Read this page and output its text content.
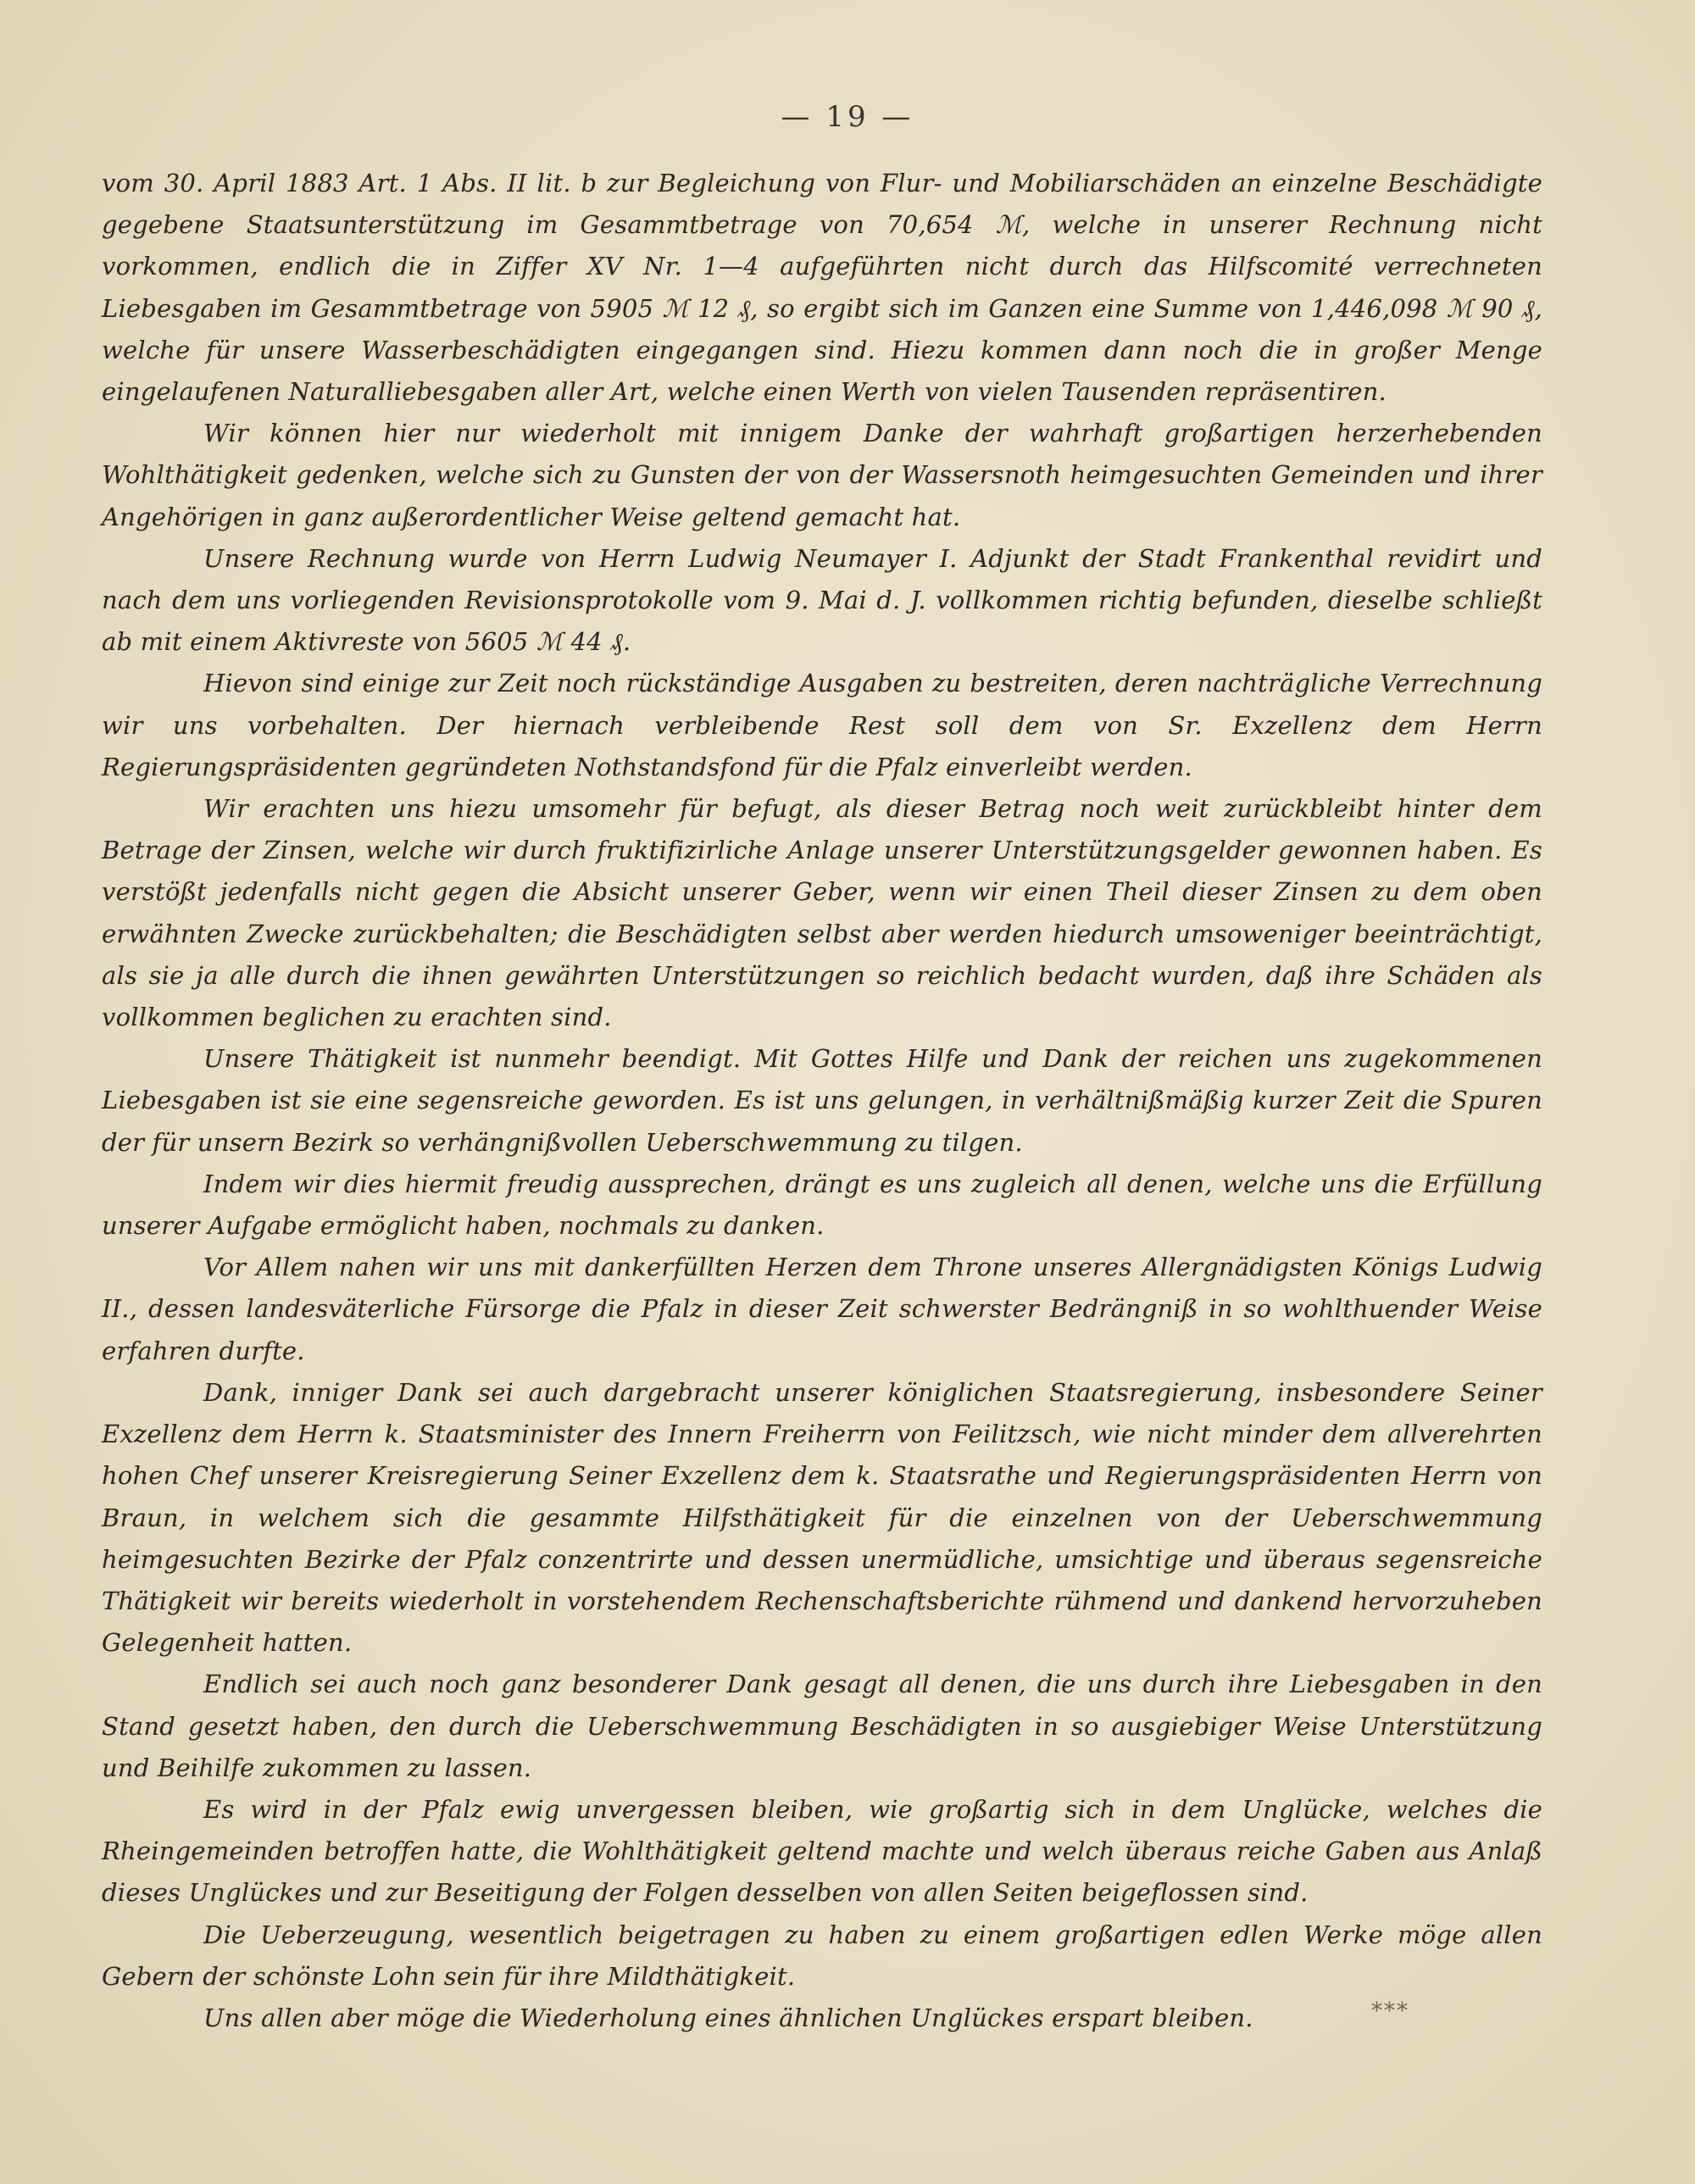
— 19 —

vom 30. April 1883 Art. 1 Abs. II lit. b zur Begleichung von Flur- und Mobiliarschäden an einzelne Beschädigte gegebene Staatsunterstützung im Gesammtbetrage von 70,654 ℳ, welche in unserer Rechnung nicht vorkommen, endlich die in Ziffer XV Nr. 1—4 aufgeführten nicht durch das Hilfscomité verrechneten Liebesgaben im Gesammtbetrage von 5905 ℳ 12 ₰, so ergibt sich im Ganzen eine Summe von 1,446,098 ℳ 90 ₰, welche für unsere Wasserbeschädigten eingegangen sind. Hiezu kommen dann noch die in großer Menge eingelaufenen Naturalliebesgaben aller Art, welche einen Werth von vielen Tausenden repräsentiren.

Wir können hier nur wiederholt mit innigem Danke der wahrhaft großartigen herzerhebenden Wohlthätigkeit gedenken, welche sich zu Gunsten der von der Wassersnoth heimgesuchten Gemeinden und ihrer Angehörigen in ganz außerordentlicher Weise geltend gemacht hat.

Unsere Rechnung wurde von Herrn Ludwig Neumayer I. Adjunkt der Stadt Frankenthal revidirt und nach dem uns vorliegenden Revisionsprotokolle vom 9. Mai d. J. vollkommen richtig befunden, dieselbe schließt ab mit einem Aktivreste von 5605 ℳ 44 ₰.

Hievon sind einige zur Zeit noch rückständige Ausgaben zu bestreiten, deren nachträgliche Verrechnung wir uns vorbehalten. Der hiernach verbleibende Rest soll dem von Sr. Exzellenz dem Herrn Regierungspräsidenten gegründeten Nothstandsfond für die Pfalz einverleibt werden.

Wir erachten uns hiezu umsomehr für befugt, als dieser Betrag noch weit zurückbleibt hinter dem Betrage der Zinsen, welche wir durch fruktifizirliche Anlage unserer Unterstützungsgelder gewonnen haben. Es verstößt jedenfalls nicht gegen die Absicht unserer Geber, wenn wir einen Theil dieser Zinsen zu dem oben erwähnten Zwecke zurückbehalten; die Beschädigten selbst aber werden hiedurch umsoweniger beeinträchtigt, als sie ja alle durch die ihnen gewährten Unterstützungen so reichlich bedacht wurden, daß ihre Schäden als vollkommen beglichen zu erachten sind.

Unsere Thätigkeit ist nunmehr beendigt. Mit Gottes Hilfe und Dank der reichen uns zugekommenen Liebesgaben ist sie eine segensreiche geworden. Es ist uns gelungen, in verhältnißmäßig kurzer Zeit die Spuren der für unsern Bezirk so verhängnißvollen Ueberschwemmung zu tilgen.

Indem wir dies hiermit freudig aussprechen, drängt es uns zugleich all denen, welche uns die Erfüllung unserer Aufgabe ermöglicht haben, nochmals zu danken.

Vor Allem nahen wir uns mit dankerfüllten Herzen dem Throne unseres Allergnädigsten Königs Ludwig II., dessen landesväterliche Fürsorge die Pfalz in dieser Zeit schwerster Bedrängniß in so wohlthuender Weise erfahren durfte.

Dank, inniger Dank sei auch dargebracht unserer königlichen Staatsregierung, insbesondere Seiner Exzellenz dem Herrn k. Staatsminister des Innern Freiherrn von Feilitzsch, wie nicht minder dem allverehrten hohen Chef unserer Kreisregierung Seiner Exzellenz dem k. Staatsrathe und Regierungspräsidenten Herrn von Braun, in welchem sich die gesammte Hilfsthätigkeit für die einzelnen von der Ueberschwemmung heimgesuchten Bezirke der Pfalz conzentrirte und dessen unermüdliche, umsichtige und überaus segensreiche Thätigkeit wir bereits wiederholt in vorstehendem Rechenschaftsberichte rühmend und dankend hervorzuheben Gelegenheit hatten.

Endlich sei auch noch ganz besonderer Dank gesagt all denen, die uns durch ihre Liebesgaben in den Stand gesetzt haben, den durch die Ueberschwemmung Beschädigten in so ausgiebiger Weise Unterstützung und Beihilfe zukommen zu lassen.

Es wird in der Pfalz ewig unvergessen bleiben, wie großartig sich in dem Unglücke, welches die Rheingemeinden betroffen hatte, die Wohlthätigkeit geltend machte und welch überaus reiche Gaben aus Anlaß dieses Unglückes und zur Beseitigung der Folgen desselben von allen Seiten beigeflossen sind.

Die Ueberzeugung, wesentlich beigetragen zu haben zu einem großartigen edlen Werke möge allen Gebern der schönste Lohn sein für ihre Mildthätigkeit.

Uns allen aber möge die Wiederholung eines ähnlichen Unglückes erspart bleiben.	***
